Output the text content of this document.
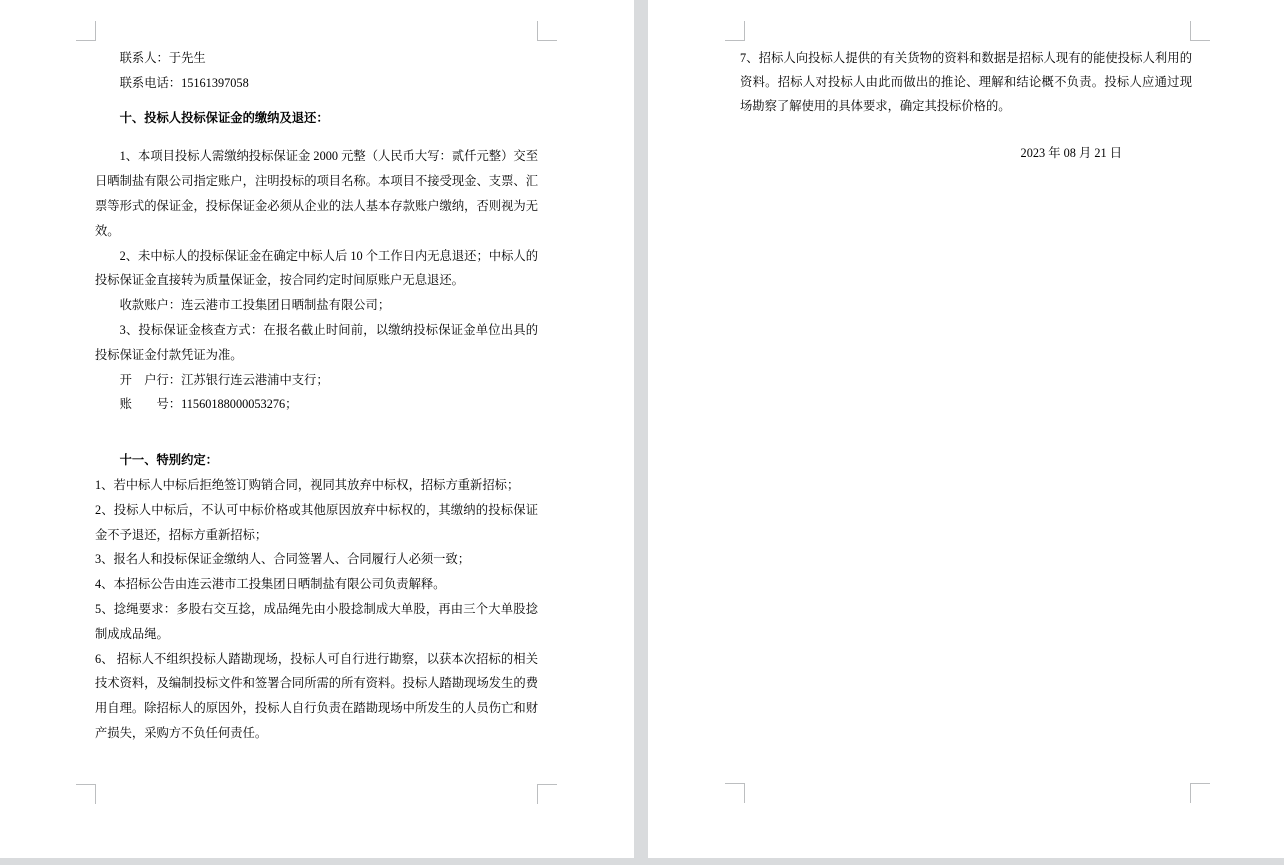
联系人：于先生

联系电话：15161397058

十、投标人投标保证金的缴纳及退还：

1、本项目投标人需缴纳投标保证金 2000 元整（人民币大写：贰仟元整）交至日晒制盐有限公司指定账户，注明投标的项目名称。本项目不接受现金、支票、汇票等形式的保证金，投标保证金必须从企业的法人基本存款账户缴纳，否则视为无效。

2、未中标人的投标保证金在确定中标人后 10 个工作日内无息退还；中标人的投标保证金直接转为质量保证金，按合同约定时间原账户无息退还。

收款账户：连云港市工投集团日晒制盐有限公司；

3、投标保证金核查方式：在报名截止时间前，以缴纳投标保证金单位出具的投标保证金付款凭证为准。

开　户行：江苏银行连云港浦中支行；

账　　号：11560188000053276；

十一、特别约定：

1、若中标人中标后拒绝签订购销合同，视同其放弃中标权，招标方重新招标；

2、投标人中标后，不认可中标价格或其他原因放弃中标权的，其缴纳的投标保证金不予退还，招标方重新招标；

3、报名人和投标保证金缴纳人、合同签署人、合同履行人必须一致；

4、本招标公告由连云港市工投集团日晒制盐有限公司负责解释。

5、捻绳要求：多股右交互捻，成品绳先由小股捻制成大单股，再由三个大单股捻制成成品绳。

6、 招标人不组织投标人踏勘现场，投标人可自行进行勘察，以获本次招标的相关技术资料，及编制投标文件和签署合同所需的所有资料。投标人踏勘现场发生的费用自理。除招标人的原因外，投标人自行负责在踏勘现场中所发生的人员伤亡和财产损失，采购方不负任何责任。

7、招标人向投标人提供的有关货物的资料和数据是招标人现有的能使投标人利用的资料。招标人对投标人由此而做出的推论、理解和结论概不负责。投标人应通过现场勘察了解使用的具体要求，确定其投标价格的。

2023 年 08 月 21 日
